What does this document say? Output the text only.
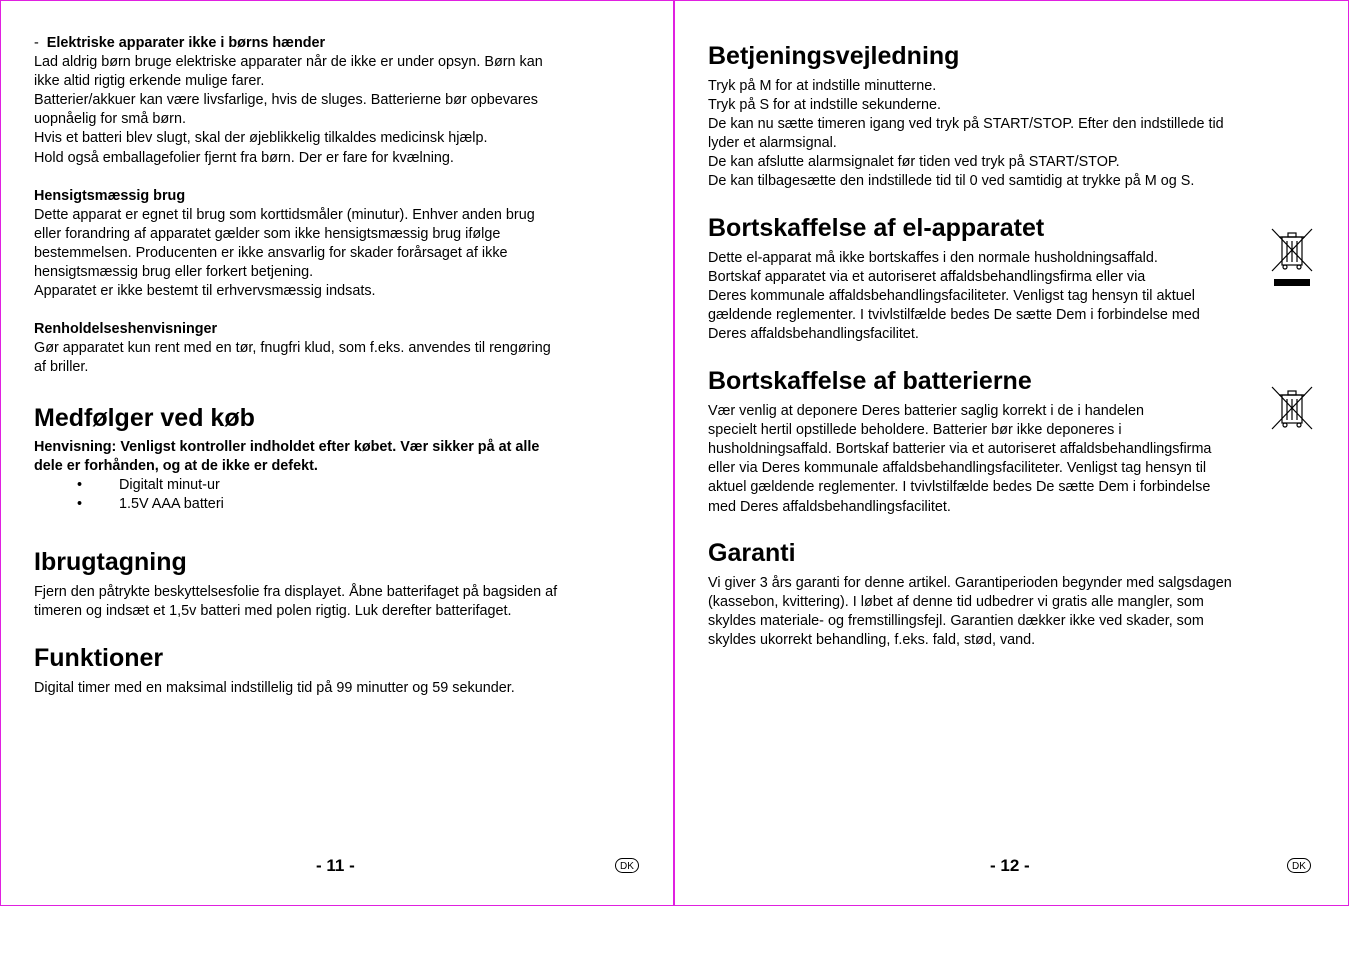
-  Elektriske apparater ikke i børns hænder

Lad aldrig børn bruge elektriske apparater når de ikke er under opsyn. Børn kan

ikke altid rigtig erkende mulige farer.

Batterier/akkuer kan være livsfarlige, hvis de sluges. Batterierne bør opbevares

uopnåelig for små børn.

Hvis et batteri blev slugt, skal der øjeblikkelig tilkaldes medicinsk hjælp.

Hold også emballagefolier fjernt fra børn. Der er fare for kvælning.

Hensigtsmæssig brug

Dette apparat er egnet til brug som korttidsmåler (minutur). Enhver anden brug

eller forandring af apparatet gælder som ikke hensigtsmæssig brug ifølge

bestemmelsen. Producenten er ikke ansvarlig for skader forårsaget af ikke

hensigtsmæssig brug eller forkert betjening.

Apparatet er ikke bestemt til erhvervsmæssig indsats.

Renholdelseshenvisninger

Gør apparatet kun rent med en tør, fnugfri klud, som f.eks. anvendes til rengøring

af briller.

Medfølger ved køb

Henvisning: Venligst kontroller indholdet efter købet. Vær sikker på at alle

dele er forhånden, og at de ikke er defekt.

• Digitalt minut-ur
• 1.5V AAA batteri
Ibrugtagning

Fjern den påtrykte beskyttelsesfolie fra displayet. Åbne batterifaget på bagsiden af

timeren og indsæt et 1,5v batteri med polen rigtig. Luk derefter batterifaget.

Funktioner

Digital timer med en maksimal indstillelig tid på 99 minutter og 59 sekunder.

- 11 -	DK
Betjeningsvejledning

Tryk på M for at indstille minutterne.

Tryk på S for at indstille sekunderne.

De kan nu sætte timeren igang ved tryk på START/STOP. Efter den indstillede tid

lyder et alarmsignal.

De kan afslutte alarmsignalet før tiden ved tryk på START/STOP.

De kan tilbagesætte den indstillede tid til 0 ved samtidig at trykke på M og S.

Bortskaffelse af el-apparatet

Dette el-apparat må ikke bortskaffes i den normale husholdningsaffald.

Bortskaf apparatet via et autoriseret affaldsbehandlingsfirma eller via

Deres kommunale affaldsbehandlingsfaciliteter. Venligst tag hensyn til aktuel

gældende reglementer. I tvivlstilfælde bedes De sætte Dem i forbindelse med

Deres affaldsbehandlingsfacilitet.

Bortskaffelse af batterierne

Vær venlig at deponere Deres batterier saglig korrekt i de i handelen

specielt hertil opstillede beholdere. Batterier bør ikke deponeres i

husholdningsaffald. Bortskaf batterier via et autoriseret affaldsbehandlingsfirma

eller via Deres kommunale affaldsbehandlingsfaciliteter. Venligst tag hensyn til

aktuel gældende reglementer. I tvivlstilfælde bedes De sætte Dem i forbindelse

med Deres affaldsbehandlingsfacilitet.

Garanti

Vi giver 3 års garanti for denne artikel. Garantiperioden begynder med salgsdagen

(kassebon, kvittering). I løbet af denne tid udbedrer vi gratis alle mangler, som

skyldes materiale- og fremstillingsfejl. Garantien dækker ikke ved skader, som

skyldes ukorrekt behandling, f.eks. fald, stød, vand.

- 12 -	DK
